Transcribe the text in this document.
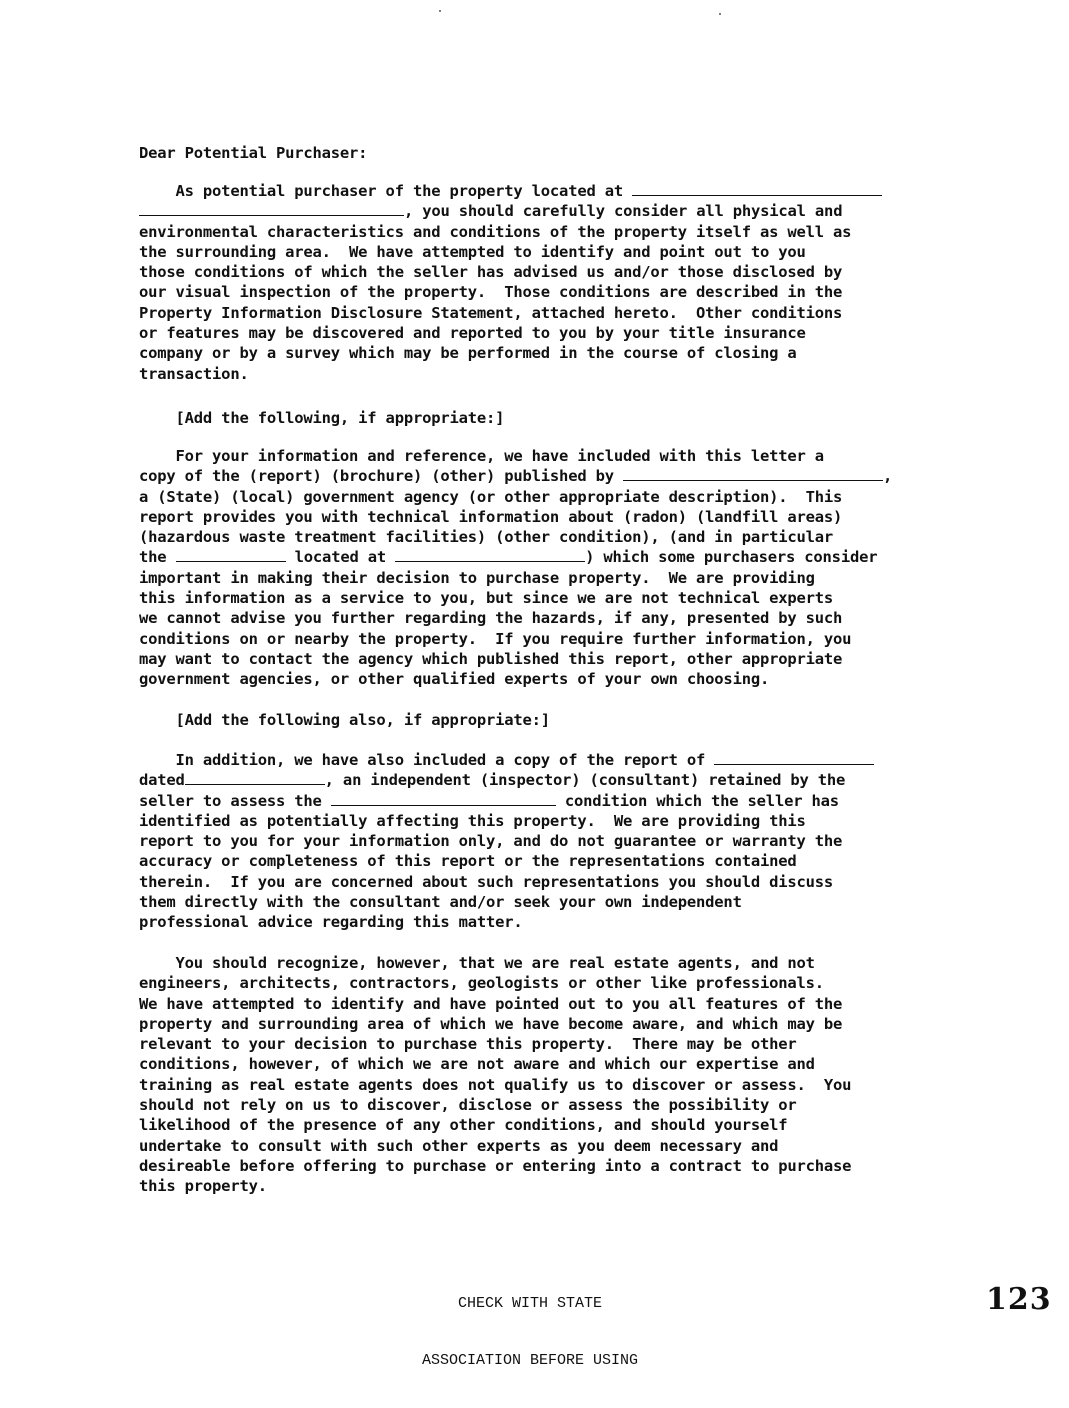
Dear Potential Purchaser:
As potential purchaser of the property located at
, you should carefully consider all physical and
environmental characteristics and conditions of the property itself as well as
the surrounding area.  We have attempted to identify and point out to you
those conditions of which the seller has advised us and/or those disclosed by
our visual inspection of the property.  Those conditions are described in the
Property Information Disclosure Statement, attached hereto.  Other conditions
or features may be discovered and reported to you by your title insurance
company or by a survey which may be performed in the course of closing a
transaction.
[Add the following, if appropriate:]
For your information and reference, we have included with this letter a
copy of the (report) (brochure) (other) published by	,
a (State) (local) government agency (or other appropriate description).  This
report provides you with technical information about (radon) (landfill areas)
(hazardous waste treatment facilities) (other condition), (and in particular
the	located at	) which some purchasers consider
important in making their decision to purchase property.  We are providing
this information as a service to you, but since we are not technical experts
we cannot advise you further regarding the hazards, if any, presented by such
conditions on or nearby the property.  If you require further information, you
may want to contact the agency which published this report, other appropriate
government agencies, or other qualified experts of your own choosing.
[Add the following also, if appropriate:]
In addition, we have also included a copy of the report of
dated	, an independent (inspector) (consultant) retained by the
seller to assess the	condition which the seller has
identified as potentially affecting this property.  We are providing this
report to you for your information only, and do not guarantee or warranty the
accuracy or completeness of this report or the representations contained
therein.  If you are concerned about such representations you should discuss
them directly with the consultant and/or seek your own independent
professional advice regarding this matter.
You should recognize, however, that we are real estate agents, and not
engineers, architects, contractors, geologists or other like professionals.
We have attempted to identify and have pointed out to you all features of the
property and surrounding area of which we have become aware, and which may be
relevant to your decision to purchase this property.  There may be other
conditions, however, of which we are not aware and which our expertise and
training as real estate agents does not qualify us to discover or assess.  You
should not rely on us to discover, disclose or assess the possibility or
likelihood of the presence of any other conditions, and should yourself
undertake to consult with such other experts as you deem necessary and
desireable before offering to purchase or entering into a contract to purchase
this property.

CHECK WITH STATE

ASSOCIATION BEFORE USING

123
